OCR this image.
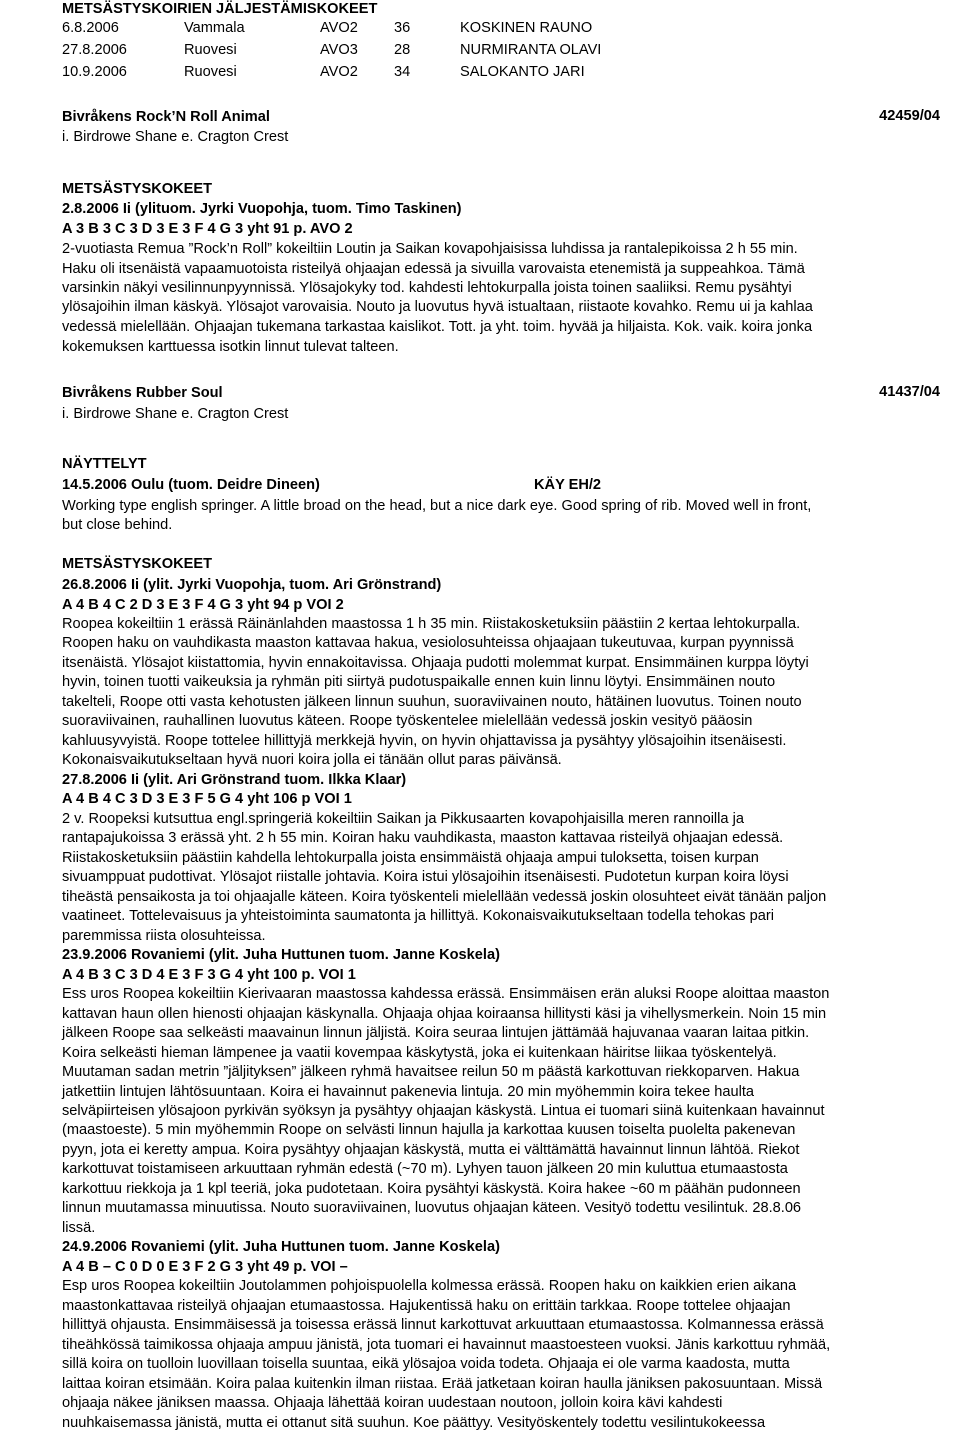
METSÄSTYSKOIRIEN JÄLJESTÄMISKOKEET
6.8.2006	Vammala	AVO2 36	KOSKINEN RAUNO
27.8.2006	Ruovesi	AVO3 28	NURMIRANTA OLAVI
10.9.2006	Ruovesi	AVO2 34	SALOKANTO JARI
Bivråkens Rock’N Roll Animal	42459/04
i. Birdrowe Shane e. Cragton Crest
METSÄSTYSKOKEET
2.8.2006 Ii (ylituom. Jyrki Vuopohja, tuom. Timo Taskinen)
A 3 B 3 C 3 D 3 E 3 F 4 G 3 yht 91 p. AVO 2
2-vuotiasta Remua ”Rock’n Roll” kokeiltiin Loutin ja Saikan kovapohjaisissa luhdissa ja rantalepikoissa 2 h 55 min.
Haku oli itsenäistä vapaamuotoista risteilyä ohjaajan edessä ja sivuilla varovaista etenemistä ja suppeahkoa. Tämä
varsinkin näkyi vesilinnunpyynnissä. Ylösajokyky tod. kahdesti lehtokurpalla joista toinen saaliiksi. Remu pysähtyi
ylösajoihin ilman käskyä. Ylösajot varovaisia. Nouto ja luovutus hyvä istualtaan, riistaote kovahko. Remu ui ja kahlaa
vedessä mielellään. Ohjaajan tukemana tarkastaa kaislikot. Tott. ja yht. toim. hyvää ja hiljaista. Kok. vaik. koira jonka
kokemuksen karttuessa isotkin linnut tulevat talteen.
Bivråkens Rubber Soul	41437/04
i. Birdrowe Shane e. Cragton Crest
NÄYTTELYT
14.5.2006 Oulu (tuom. Deidre Dineen)	KÄY EH/2
Working type english springer. A little broad on the head, but a nice dark eye. Good spring of rib. Moved well in front,
but close behind.
METSÄSTYSKOKEET
26.8.2006 Ii (ylit. Jyrki Vuopohja, tuom. Ari Grönstrand)
A 4 B 4 C 2 D 3 E 3 F 4 G 3 yht 94 p VOI 2
Roopea kokeiltiin 1 erässä Räinänlahden maastossa 1 h 35 min. Riistakosketuksiin päästiin 2 kertaa lehtokurpalla.
Roopen haku on vauhdikasta maaston kattavaa hakua, vesiolosuhteissa ohjaajaan tukeutuvaa, kurpan pyynnissä
itsenäistä. Ylösajot kiistattomia, hyvin ennakoitavissa. Ohjaaja pudotti molemmat kurpat. Ensimmäinen kurppa löytyi
hyvin, toinen tuotti vaikeuksia ja ryhmän piti siirtyä pudotuspaikalle ennen kuin linnu löytyi. Ensimmäinen nouto
takelteli, Roope otti vasta kehotusten jälkeen linnun suuhun, suoraviivainen nouto, hätäinen luovutus. Toinen nouto
suoraviivainen, rauhallinen luovutus käteen. Roope työskentelee mielellään vedessä joskin vesityö pääosin
kahluusyvyistä. Roope tottelee hillittyjä merkkejä hyvin, on hyvin ohjattavissa ja pysähtyy ylösajoihin itsenäisesti.
Kokonaisvaikutukseltaan hyvä nuori koira jolla ei tänään ollut paras päivänsä.
27.8.2006 Ii (ylit. Ari Grönstrand tuom. Ilkka Klaar)
A 4 B 4 C 3 D 3 E 3 F 5 G 4 yht 106 p VOI 1
2 v. Roopeksi kutsuttua engl.springeriä kokeiltiin Saikan ja Pikkusaarten kovapohjaisilla meren rannoilla ja
rantapajukoissa 3 erässä yht. 2 h 55 min. Koiran haku vauhdikasta, maaston kattavaa risteilyä ohjaajan edessä.
Riistakosketuksiin päästiin kahdella lehtokurpalla joista ensimmäistä ohjaaja ampui tuloksetta, toisen kurpan
sivuamppuat pudottivat. Ylösajot riistalle johtavia. Koira istui ylösajoihin itsenäisesti. Pudotetun kurpan koira löysi
tiheästä pensaikosta ja toi ohjaajalle käteen. Koira työskenteli mielellään vedessä joskin olosuhteet eivät tänään paljon
vaatineet. Tottelevaisuus ja yhteistoiminta saumatonta ja hillittyä. Kokonaisvaikutukseltaan todella tehokas pari
paremmissa riista olosuhteissa.
23.9.2006 Rovaniemi (ylit. Juha Huttunen tuom. Janne Koskela)
A 4 B 3 C 3 D 4 E 3 F 3 G 4 yht 100 p. VOI 1
Ess uros Roopea kokeiltiin Kierivaaran maastossa kahdessa erässä. Ensimmäisen erän aluksi Roope aloittaa maaston
kattavan haun ollen hienosti ohjaajan käskynalla. Ohjaaja ohjaa koiraansa hillitysti käsi ja vihellysmerkein. Noin 15 min
jälkeen Roope saa selkeästi maavainun linnun jäljistä. Koira seuraa lintujen jättämää hajuvanaa vaaran laitaa pitkin.
Koira selkeästi hieman lämpenee ja vaatii kovempaa käskytystä, joka ei kuitenkaan häiritse liikaa työskentelyä.
Muutaman sadan metrin ”jäljityksen” jälkeen ryhmä havaitsee reilun 50 m päästä karkottuvan riekkoparven. Hakua
jatkettiin lintujen lähtösuuntaan. Koira ei havainnut pakenevia lintuja. 20 min myöhemmin koira tekee haulta
selväpiirteisen ylösajoon pyrkivän syöksyn ja pysähtyy ohjaajan käskystä. Lintua ei tuomari siinä kuitenkaan havainnut
(maastoeste). 5 min myöhemmin Roope on selvästi linnun hajulla ja karkottaa kuusen toiselta puolelta pakenevan
pyyn, jota ei keretty ampua. Koira pysähtyy ohjaajan käskystä, mutta ei välttämättä havainnut linnun lähtöä. Riekot
karkottuvat toistamiseen arkuuttaan ryhmän edestä (~70 m). Lyhyen tauon jälkeen 20 min kuluttua etumaastosta
karkottuu riekkoja ja 1 kpl teeriä, joka pudotetaan. Koira pysähtyi käskystä. Koira hakee ~60 m päähän pudonneen
linnun muutamassa minuutissa. Nouto suoraviivainen, luovutus ohjaajan käteen. Vesityö todettu vesilintuk. 28.8.06
lissä.
24.9.2006 Rovaniemi (ylit. Juha Huttunen tuom. Janne Koskela)
A 4 B – C 0 D 0 E 3 F 2 G 3 yht 49 p. VOI –
Esp uros Roopea kokeiltiin Joutolammen pohjoispuolella kolmessa erässä. Roopen haku on kaikkien erien aikana
maastonkattavaa risteilyä ohjaajan etumaastossa. Hajukentissä haku on erittäin tarkkaa. Roope tottelee ohjaajan
hillittyä ohjausta. Ensimmäisessä ja toisessa erässä linnut karkottuvat arkuuttaan etumaastossa. Kolmannessa erässä
tiheähkössä taimikossa ohjaaja ampuu jänistä, jota tuomari ei havainnut maastoesteen vuoksi. Jänis karkottuu ryhmää,
sillä koira on tuolloin luovillaan toisella suuntaa, eikä ylösajoa voida todeta. Ohjaaja ei ole varma kaadosta, mutta
laittaa koiran etsimään. Koira palaa kuitenkin ilman riistaa. Erää jatketaan koiran haulla jäniksen pakosuuntaan. Missä
ohjaaja näkee jäniksen maassa. Ohjaaja lähettää koiran uudestaan noutoon, jolloin koira kävi kahdesti
nuuhkaisemassa jänistä, mutta ei ottanut sitä suuhun. Koe päättyy. Vesityöskentely todettu vesilintukokeessa
